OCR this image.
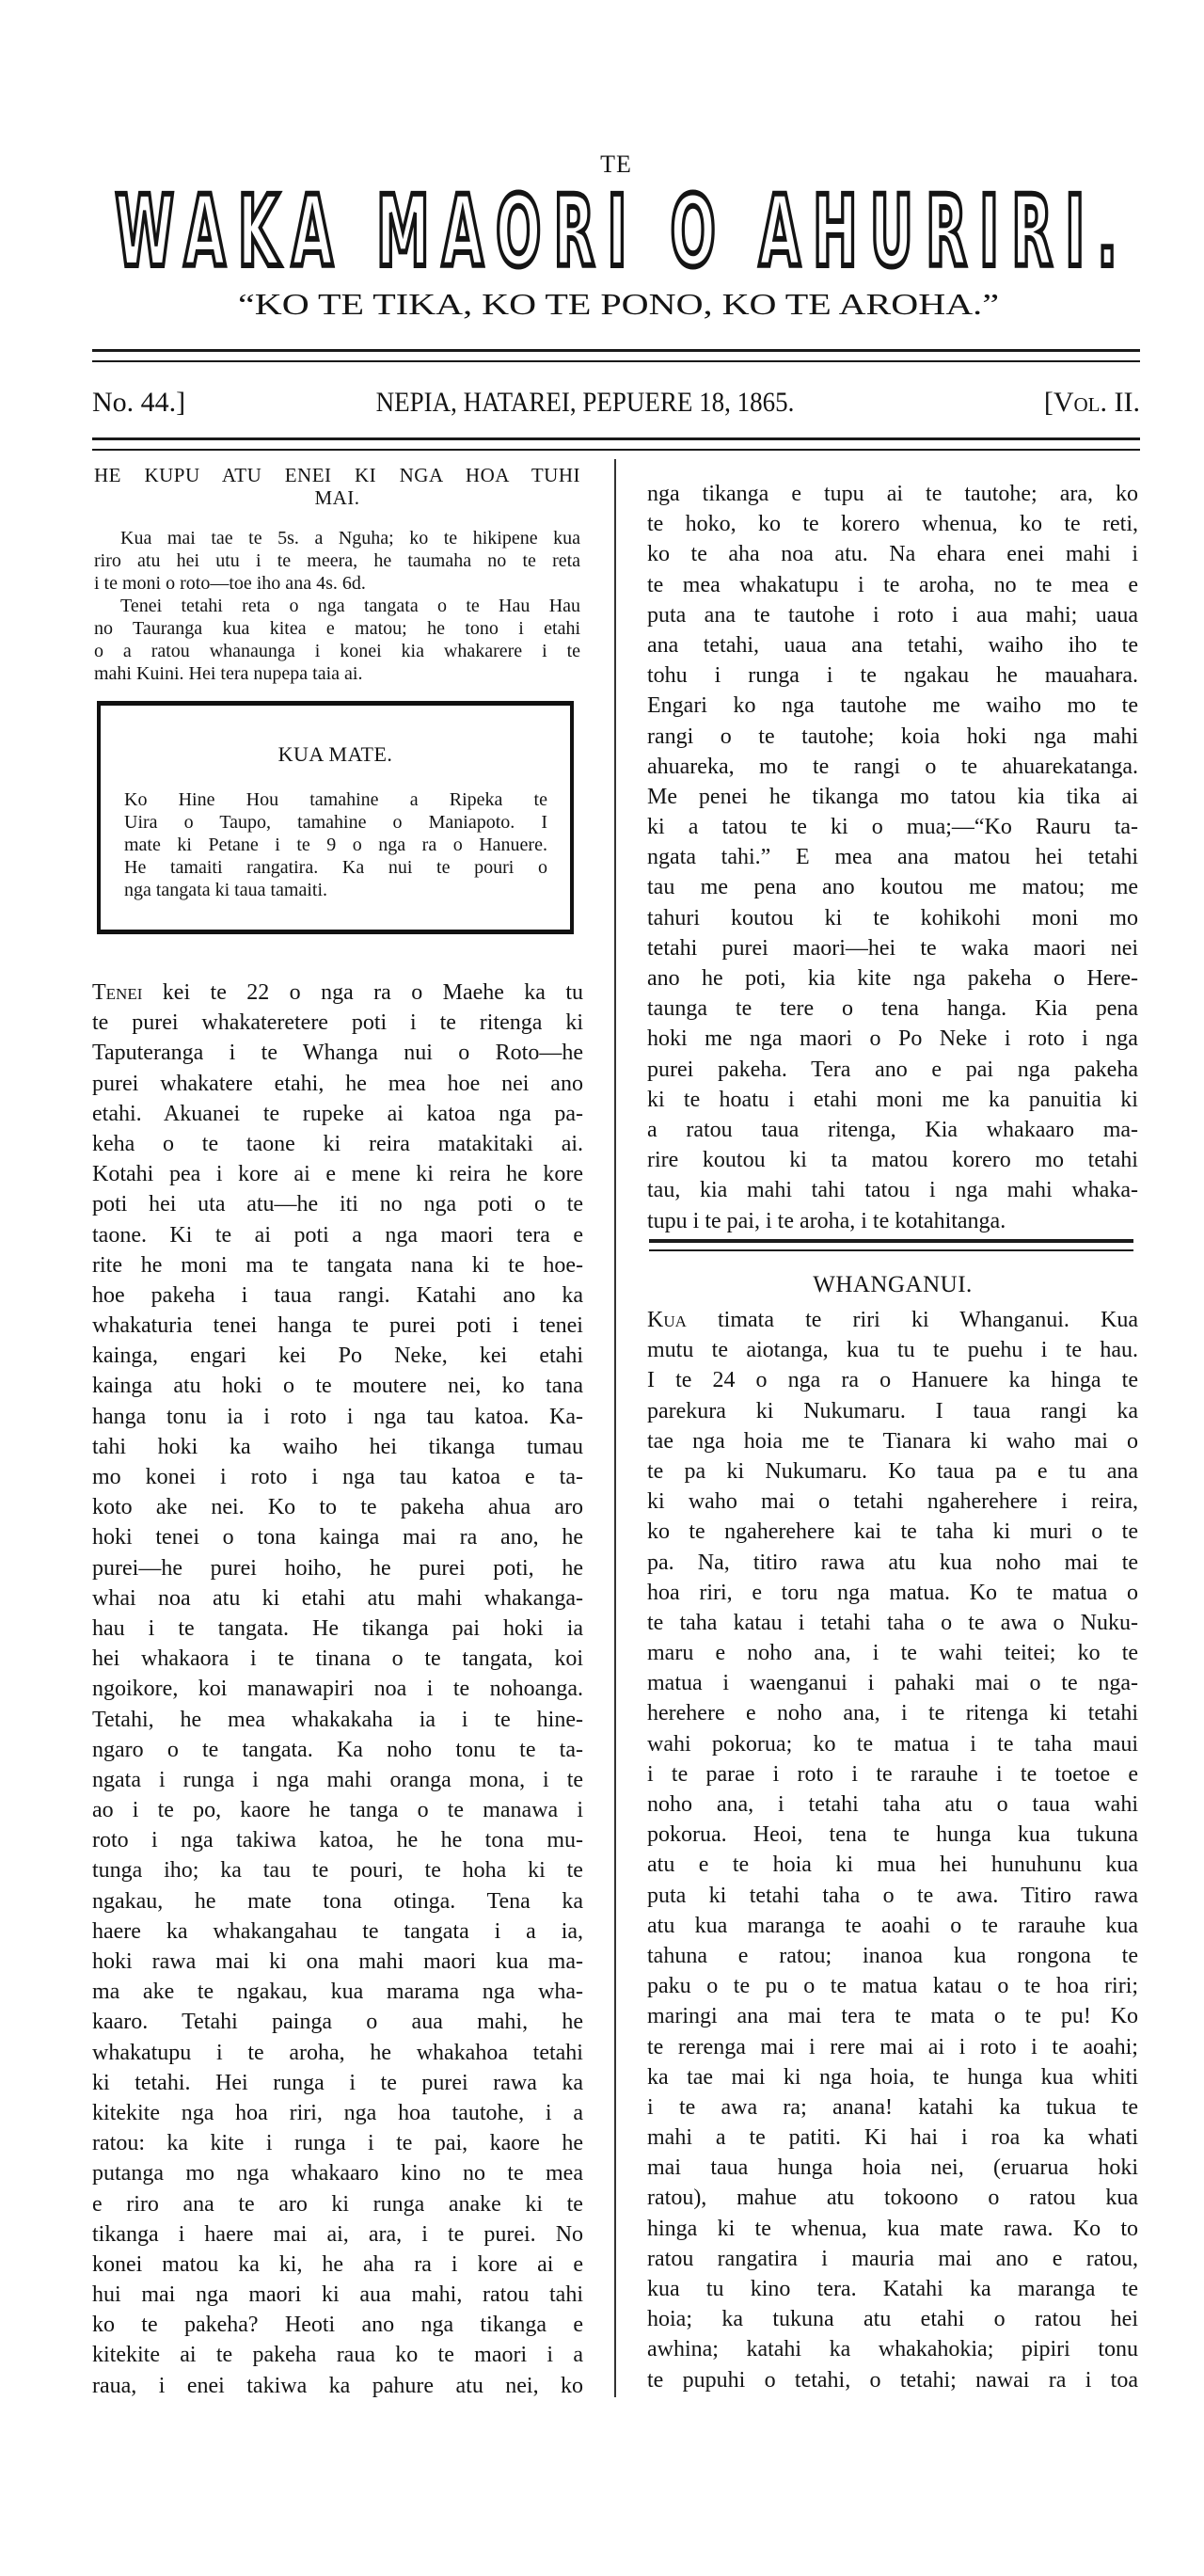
TE
WAKA MAORI O AHURIRI.
“KO TE TIKA, KO TE PONO, KO TE AROHA.”
No. 44.]	NEPIA, HATAREI, PEPUERE 18, 1865.	[Vol. II.
HE KUPU ATU ENEI KI NGA HOA TUHI
MAI.
Kua mai tae te 5s. a Nguha; ko te hikipene kua
riro atu hei utu i te meera, he taumaha no te reta
i te moni o roto—toe iho ana 4s. 6d.
Tenei tetahi reta o nga tangata o te Hau Hau
no Tauranga kua kitea e matou; he tono i etahi
o a ratou whanaunga i konei kia whakarere i te
mahi Kuini. Hei tera nupepa taia ai.
KUA MATE.
Ko Hine Hou tamahine a Ripeka te
Uira o Taupo, tamahine o Maniapoto. I
mate ki Petane i te 9 o nga ra o Hanuere.
He tamaiti rangatira. Ka nui te pouri o
nga tangata ki taua tamaiti.
Tenei kei te 22 o nga ra o Maehe ka tu
te purei whakateretere poti i te ritenga ki
Taputeranga i te Whanga nui o Roto—he
purei whakatere etahi, he mea hoe nei ano
etahi. Akuanei te rupeke ai katoa nga pa-
keha o te taone ki reira matakitaki ai.
Kotahi pea i kore ai e mene ki reira he kore
poti hei uta atu—he iti no nga poti o te
taone. Ki te ai poti a nga maori tera e
rite he moni ma te tangata nana ki te hoe-
hoe pakeha i taua rangi. Katahi ano ka
whakaturia tenei hanga te purei poti i tenei
kainga, engari kei Po Neke, kei etahi
kainga atu hoki o te moutere nei, ko tana
hanga tonu ia i roto i nga tau katoa. Ka-
tahi hoki ka waiho hei tikanga tumau
mo konei i roto i nga tau katoa e ta-
koto ake nei. Ko to te pakeha ahua aro
hoki tenei o tona kainga mai ra ano, he
purei—he purei hoiho, he purei poti, he
whai noa atu ki etahi atu mahi whakanga-
hau i te tangata. He tikanga pai hoki ia
hei whakaora i te tinana o te tangata, koi
ngoikore, koi manawapiri noa i te nohoanga.
Tetahi, he mea whakakaha ia i te hine-
ngaro o te tangata. Ka noho tonu te ta-
ngata i runga i nga mahi oranga mona, i te
ao i te po, kaore he tanga o te manawa i
roto i nga takiwa katoa, he he tona mu-
tunga iho; ka tau te pouri, te hoha ki te
ngakau, he mate tona otinga. Tena ka
haere ka whakangahau te tangata i a ia,
hoki rawa mai ki ona mahi maori kua ma-
ma ake te ngakau, kua marama nga wha-
kaaro. Tetahi painga o aua mahi, he
whakatupu i te aroha, he whakahoa tetahi
ki tetahi. Hei runga i te purei rawa ka
kitekite nga hoa riri, nga hoa tautohe, i a
ratou: ka kite i runga i te pai, kaore he
putanga mo nga whakaaro kino no te mea
e riro ana te aro ki runga anake ki te
tikanga i haere mai ai, ara, i te purei. No
konei matou ka ki, he aha ra i kore ai e
hui mai nga maori ki aua mahi, ratou tahi
ko te pakeha? Heoti ano nga tikanga e
kitekite ai te pakeha raua ko te maori i a
raua, i enei takiwa ka pahure atu nei, ko
nga tikanga e tupu ai te tautohe; ara, ko
te hoko, ko te korero whenua, ko te reti,
ko te aha noa atu. Na ehara enei mahi i
te mea whakatupu i te aroha, no te mea e
puta ana te tautohe i roto i aua mahi; uaua
ana tetahi, uaua ana tetahi, waiho iho te
tohu i runga i te ngakau he mauahara.
Engari ko nga tautohe me waiho mo te
rangi o te tautohe; koia hoki nga mahi
ahuareka, mo te rangi o te ahuarekatanga.
Me penei he tikanga mo tatou kia tika ai
ki a tatou te ki o mua;—“Ko Rauru ta-
ngata tahi.” E mea ana matou hei tetahi
tau me pena ano koutou me matou; me
tahuri koutou ki te kohikohi moni mo
tetahi purei maori—hei te waka maori nei
ano he poti, kia kite nga pakeha o Here-
taunga te tere o tena hanga. Kia pena
hoki me nga maori o Po Neke i roto i nga
purei pakeha. Tera ano e pai nga pakeha
ki te hoatu i etahi moni me ka panuitia ki
a ratou taua ritenga, Kia whakaaro ma-
rire koutou ki ta matou korero mo tetahi
tau, kia mahi tahi tatou i nga mahi whaka-
tupu i te pai, i te aroha, i te kotahitanga.
WHANGANUI.
Kua timata te riri ki Whanganui. Kua
mutu te aiotanga, kua tu te puehu i te hau.
I te 24 o nga ra o Hanuere ka hinga te
parekura ki Nukumaru. I taua rangi ka
tae nga hoia me te Tianara ki waho mai o
te pa ki Nukumaru. Ko taua pa e tu ana
ki waho mai o tetahi ngaherehere i reira,
ko te ngaherehere kai te taha ki muri o te
pa. Na, titiro rawa atu kua noho mai te
hoa riri, e toru nga matua. Ko te matua o
te taha katau i tetahi taha o te awa o Nuku-
maru e noho ana, i te wahi teitei; ko te
matua i waenganui i pahaki mai o te nga-
herehere e noho ana, i te ritenga ki tetahi
wahi pokorua; ko te matua i te taha maui
i te parae i roto i te rarauhe i te toetoe e
noho ana, i tetahi taha atu o taua wahi
pokorua. Heoi, tena te hunga kua tukuna
atu e te hoia ki mua hei hunuhunu kua
puta ki tetahi taha o te awa. Titiro rawa
atu kua maranga te aoahi o te rarauhe kua
tahuna e ratou; inanoa kua rongona te
paku o te pu o te matua katau o te hoa riri;
maringi ana mai tera te mata o te pu! Ko
te rerenga mai i rere mai ai i roto i te aoahi;
ka tae mai ki nga hoia, te hunga kua whiti
i te awa ra; anana! katahi ka tukua te
mahi a te patiti. Ki hai i roa ka whati
mai taua hunga hoia nei, (eruarua hoki
ratou), mahue atu tokoono o ratou kua
hinga ki te whenua, kua mate rawa. Ko to
ratou rangatira i mauria mai ano e ratou,
kua tu kino tera. Katahi ka maranga te
hoia; ka tukuna atu etahi o ratou hei
awhina; katahi ka whakahokia; pipiri tonu
te pupuhi o tetahi, o tetahi; nawai ra i toa
